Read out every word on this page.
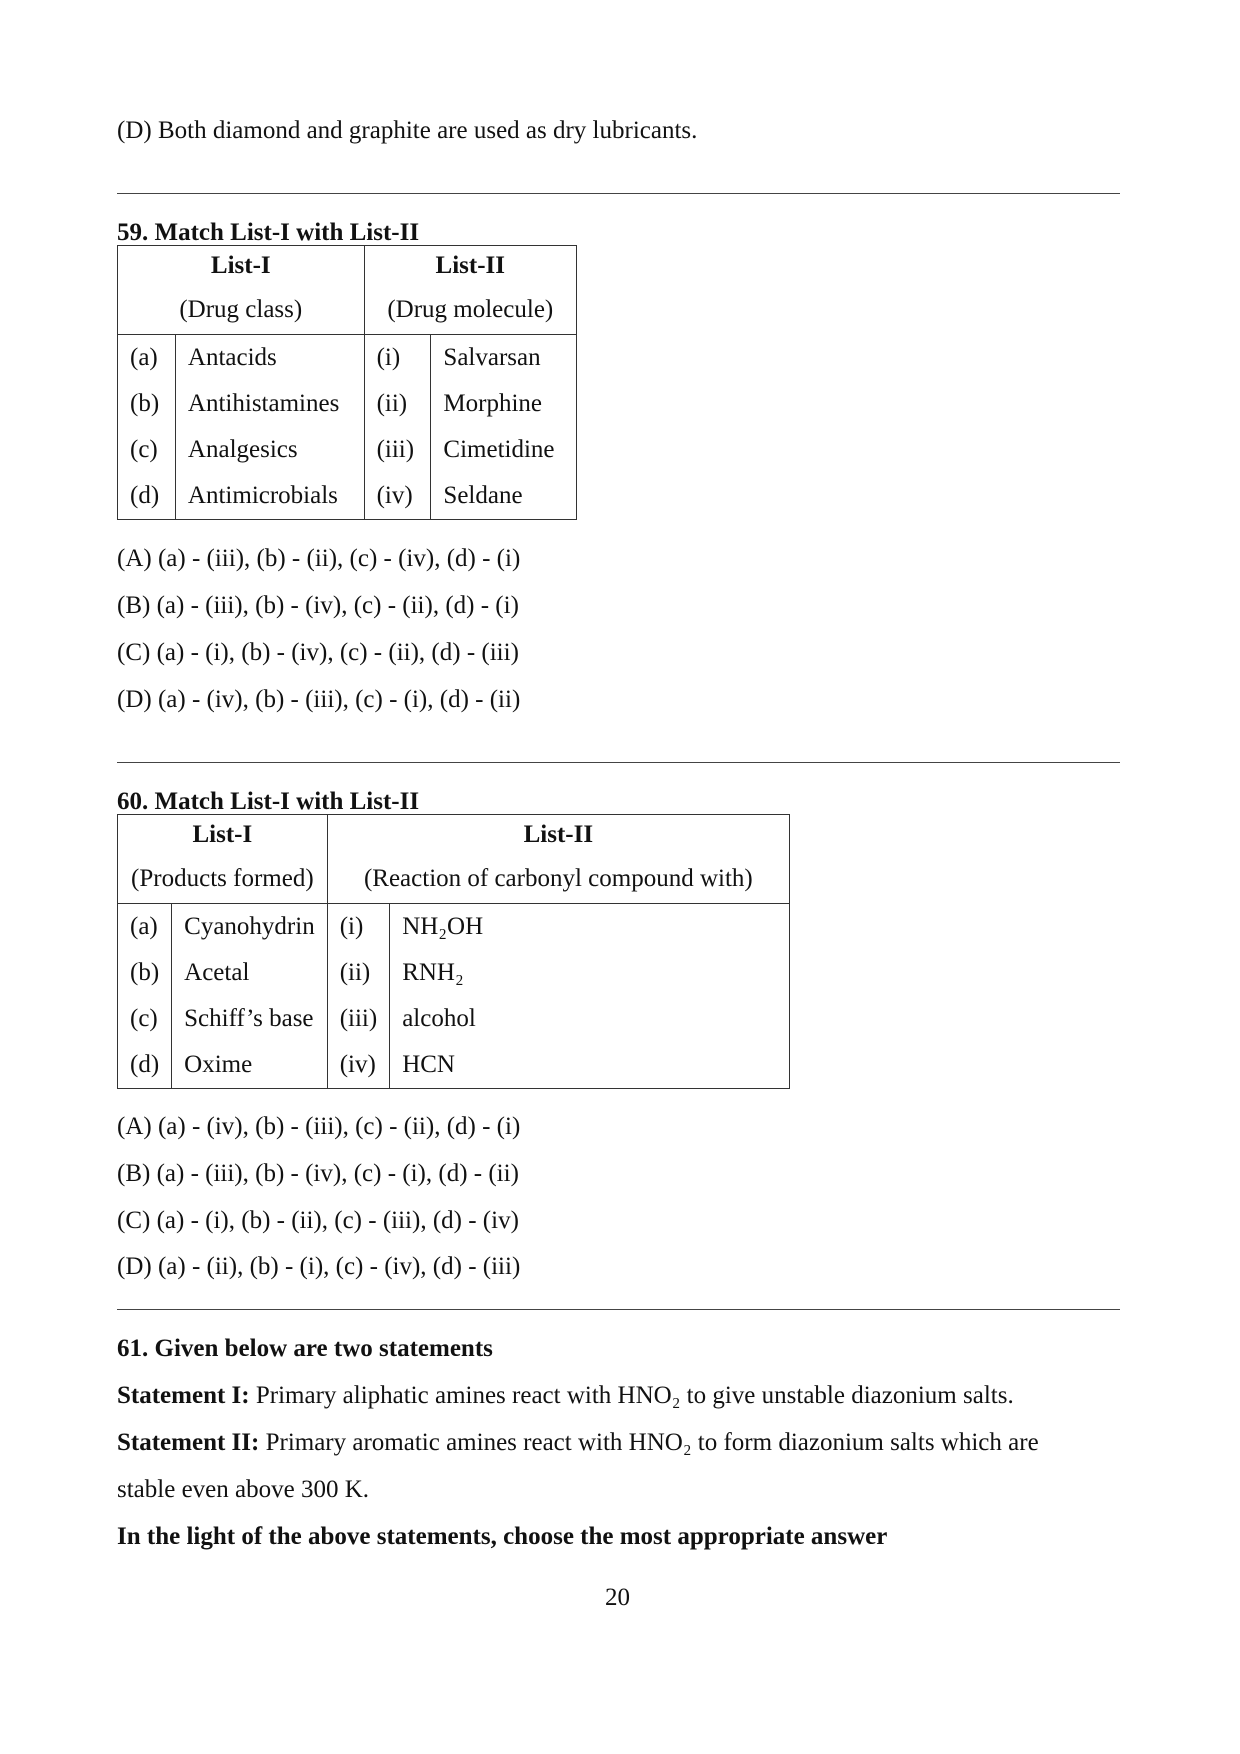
(D) Both diamond and graphite are used as dry lubricants.
59. Match List-I with List-II
List-I		List-II	
(Drug class)		(Drug molecule)	
(a)	Antacids	(i)	Salvarsan
(b)	Antihistamines	(ii)	Morphine
(c)	Analgesics	(iii)	Cimetidine
(d)	Antimicrobials	(iv)	Seldane
(A) (a) - (iii), (b) - (ii), (c) - (iv), (d) - (i)
(B) (a) - (iii), (b) - (iv), (c) - (ii), (d) - (i)
(C) (a) - (i), (b) - (iv), (c) - (ii), (d) - (iii)
(D) (a) - (iv), (b) - (iii), (c) - (i), (d) - (ii)
60. Match List-I with List-II
List-I		List-II	
(Products formed)		(Reaction of carbonyl compound with)	
(a)	Cyanohydrin	(i)	NH₂OH
(b)	Acetal	(ii)	RNH₂
(c)	Schiff’s base	(iii)	alcohol
(d)	Oxime	(iv)	HCN
(A) (a) - (iv), (b) - (iii), (c) - (ii), (d) - (i)
(B) (a) - (iii), (b) - (iv), (c) - (i), (d) - (ii)
(C) (a) - (i), (b) - (ii), (c) - (iii), (d) - (iv)
(D) (a) - (ii), (b) - (i), (c) - (iv), (d) - (iii)
61. Given below are two statements
Statement I: Primary aliphatic amines react with HNO₂ to give unstable diazonium salts.
Statement II: Primary aromatic amines react with HNO₂ to form diazonium salts which are
stable even above 300 K.
In the light of the above statements, choose the most appropriate answer
20
